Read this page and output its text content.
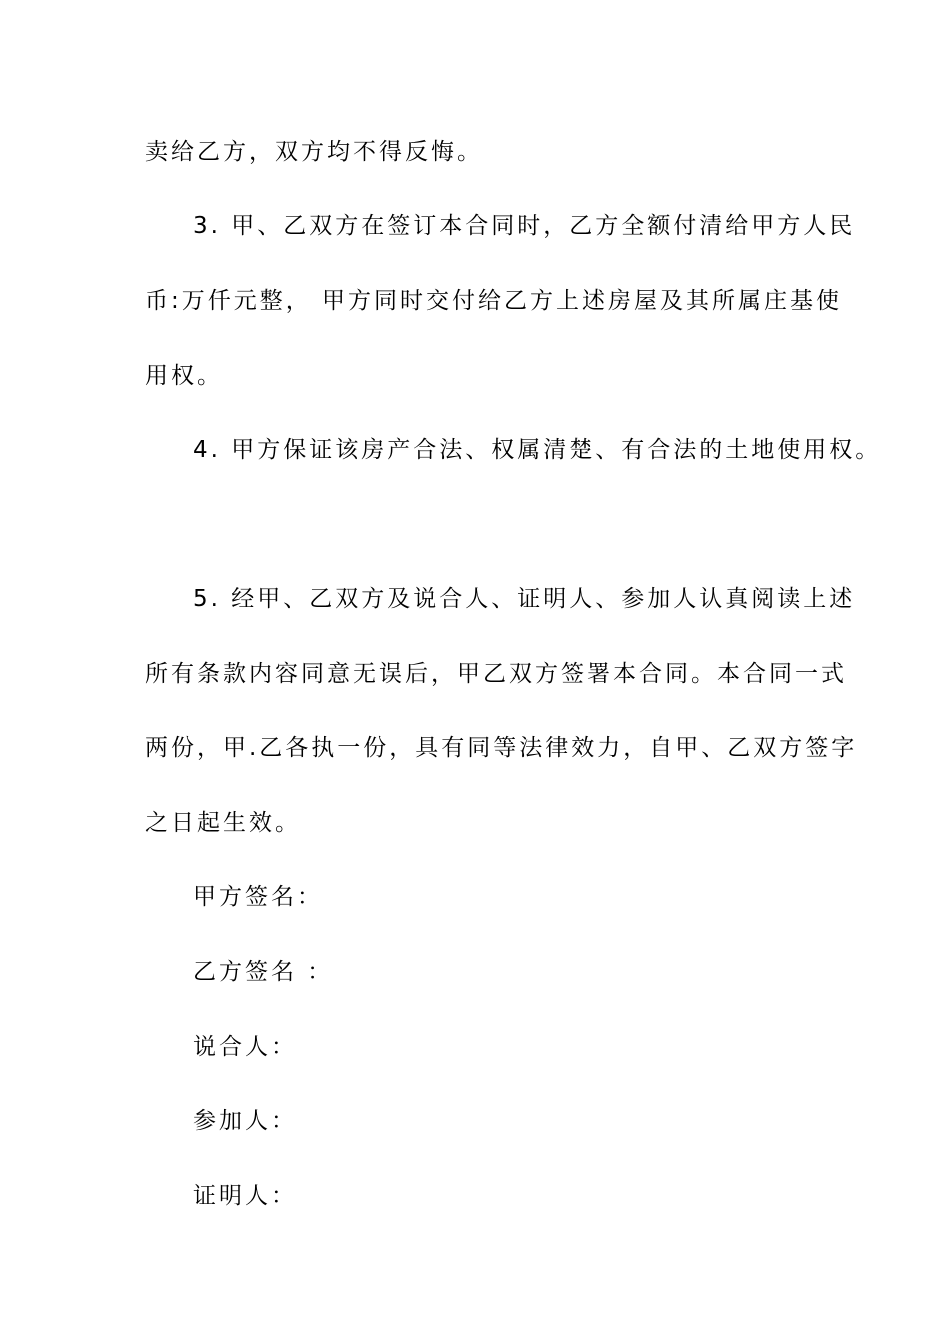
卖给乙方，双方均不得反悔。
3. 甲、乙双方在签订本合同时，乙方全额付清给甲方人民
币:万仟元整， 甲方同时交付给乙方上述房屋及其所属庄基使
用权。
4. 甲方保证该房产合法、权属清楚、有合法的土地使用权。
5. 经甲、乙双方及说合人、证明人、参加人认真阅读上述
所有条款内容同意无误后，甲乙双方签署本合同。本合同一式
两份，甲.乙各执一份，具有同等法律效力，自甲、乙双方签字
之日起生效。
甲方签名：
乙方签名 ：
说合人：
参加人：
证明人：
